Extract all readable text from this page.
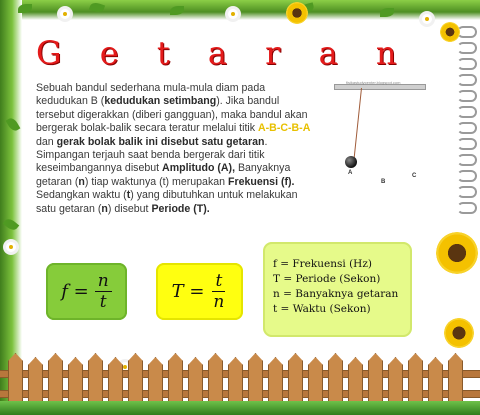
G e t a r a n

Sebuah bandul sederhana mula-mula diam pada kedudukan B (kedudukan setimbang). Jika bandul tersebut digerakkan (diberi gangguan), maka bandul akan bergerak bolak-balik secara teratur melalui titik A-B-C-B-A dan gerak bolak balik ini disebut satu getaran. Simpangan terjauh saat benda bergerak dari titik keseimbangannya disebut Amplitudo (A), Banyaknya getaran (n) tiap waktunya (t) merupakan Frekuensi (f). Sedangkan waktu (t) yang dibutuhkan untuk melakukan satu getaran (n) disebut Periode (T).

fisikastudycenter.blogspot.com
A
B
C
$f = \frac{n}{t}$	$T = \frac{t}{n}$
f = Frekuensi (Hz)
T = Periode (Sekon)
n = Banyaknya getaran
t = Waktu (Sekon)
